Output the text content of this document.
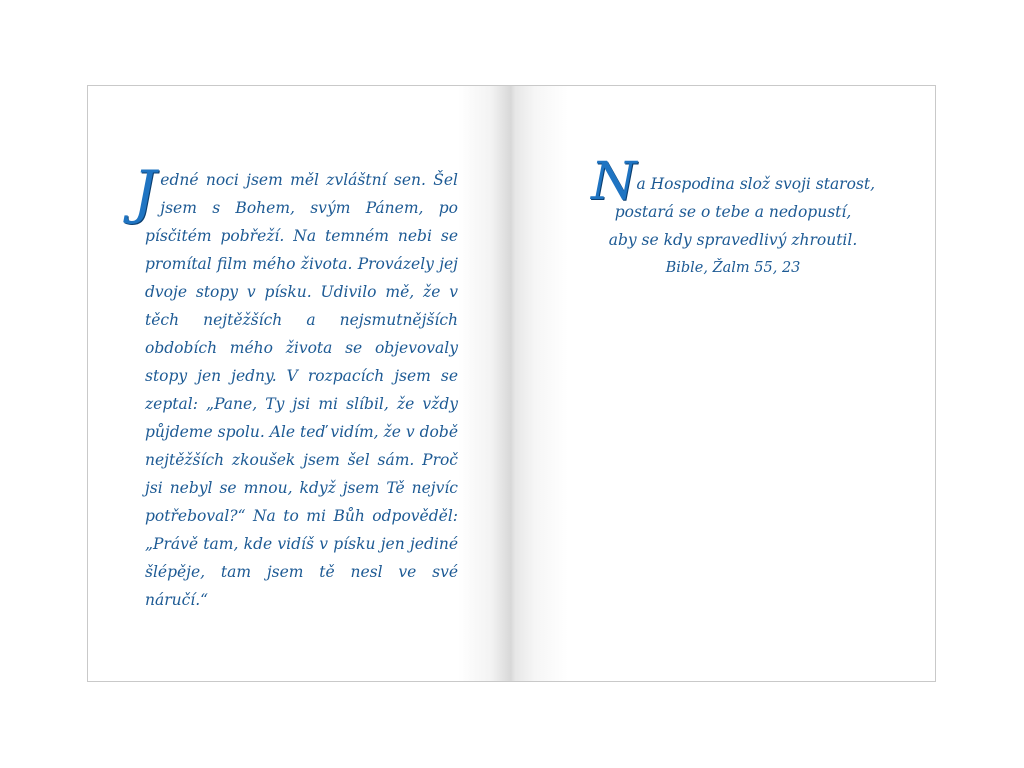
J edné noci jsem měl zvláštní sen. Šel jsem s Bohem, svým Pánem, po písčitém pobřeží. Na temném nebi se promítal film mého života. Provázely jej dvoje stopy v písku. Udivilo mě, že v těch nejtěžších a nejsmutnějších obdobích mého života se objevovaly stopy jen jedny. V rozpacích jsem se zeptal: „Pane, Ty jsi mi slíbil, že vždy půjdeme spolu. Ale teď vidím, že v době nejtěžších zkoušek jsem šel sám. Proč jsi nebyl se mnou, když jsem Tě nejvíc potřeboval?“ Na to mi Bůh odpověděl: „Právě tam, kde vidíš v písku jen jediné šlépěje, tam jsem tě nesl ve své náručí.“
Na Hospodina slož svoji starost,
postará se o tebe a nedopustí,
aby se kdy spravedlivý zhroutil.
Bible, Žalm 55, 23
